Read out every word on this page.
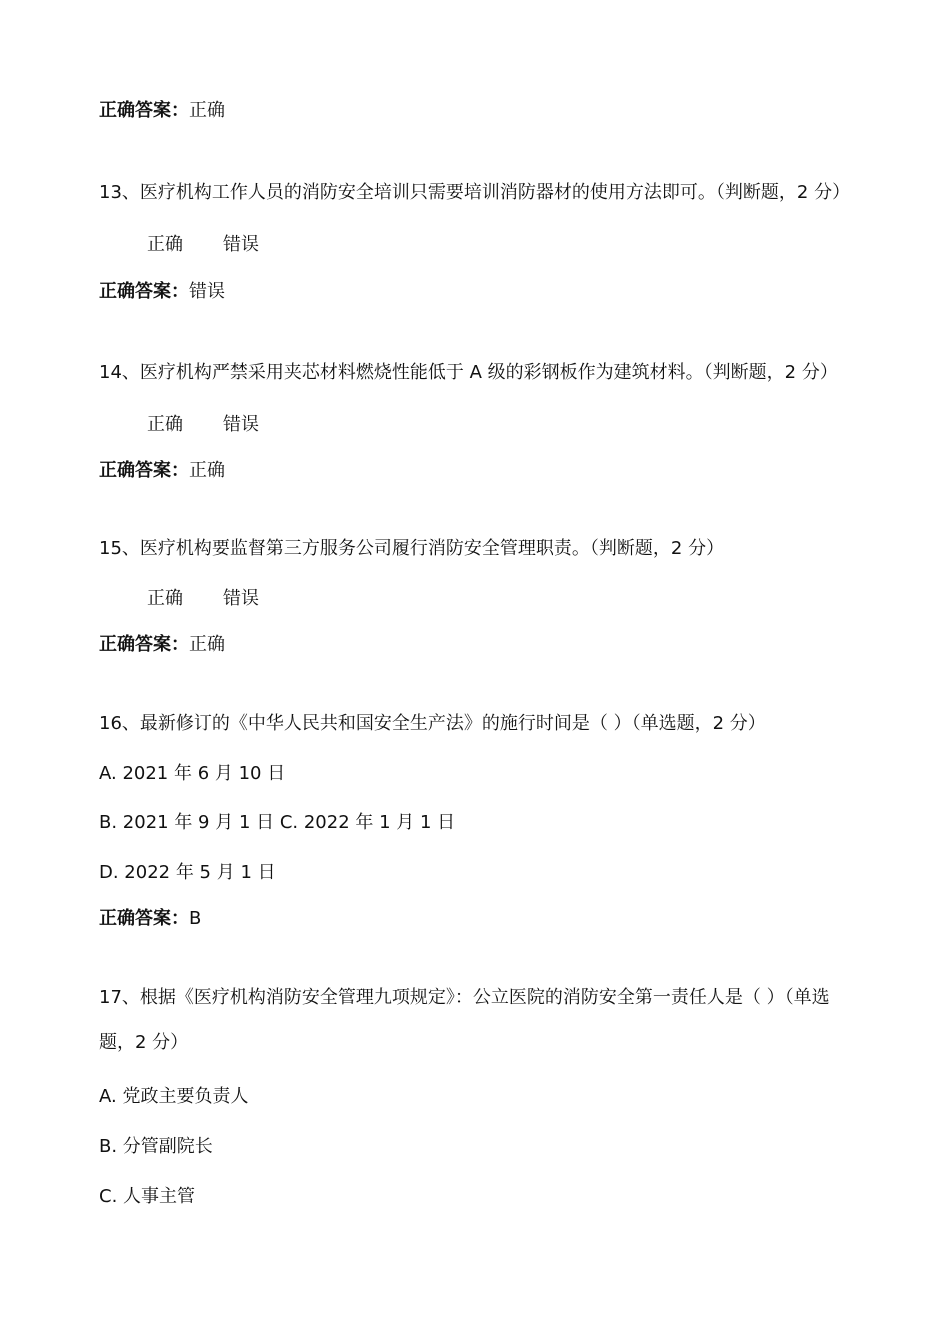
正确答案：正确
13、医疗机构工作人员的消防安全培训只需要培训消防器材的使用方法即可。（判断题，2 分）
正确 错误
正确答案：错误
14、医疗机构严禁采用夹芯材料燃烧性能低于 A 级的彩钢板作为建筑材料。（判断题，2 分）
正确 错误
正确答案：正确
15、医疗机构要监督第三方服务公司履行消防安全管理职责。（判断题，2 分）
正确 错误
正确答案：正确
16、最新修订的《中华人民共和国安全生产法》的施行时间是（ ）（单选题，2 分）
A. 2021 年 6 月 10 日
B. 2021 年 9 月 1 日 C. 2022 年 1 月 1 日
D. 2022 年 5 月 1 日
正确答案：B
17、根据《医疗机构消防安全管理九项规定》：公立医院的消防安全第一责任人是（ ）（单选
题，2 分）
A. 党政主要负责人
B. 分管副院长
C. 人事主管
